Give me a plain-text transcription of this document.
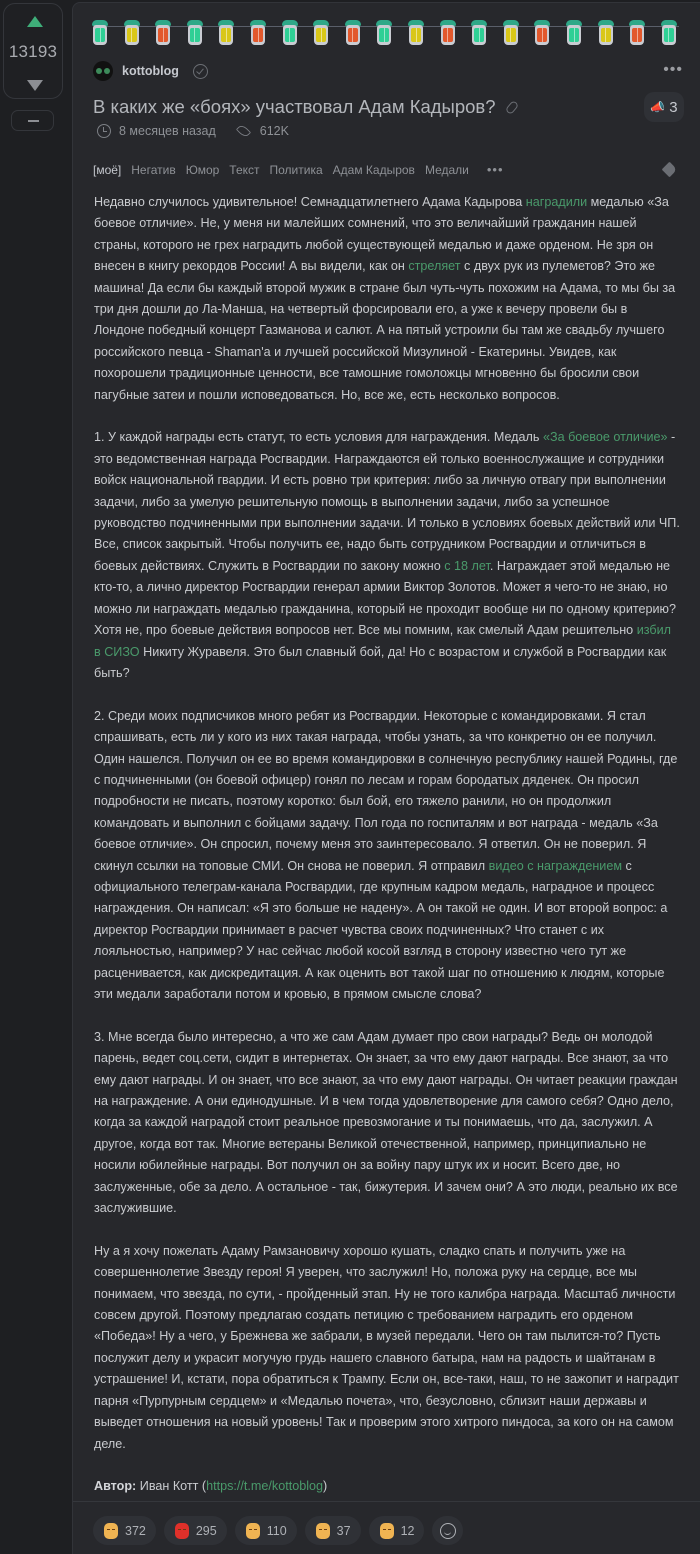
13193
kottoblog	•••
В каких же «боях» участвовал Адам Кадыров?	📣 3
8 месяцев назад	612K
[моё] Негатив Юмор Текст Политика Адам Кадыров Медали •••

Недавно случилось удивительное! Семнадцатилетнего Адама Кадырова наградили медалью «За боевое отличие». Не, у меня ни малейших сомнений, что это величайший гражданин нашей страны, которого не грех наградить любой существующей медалью и даже орденом. Не зря он внесен в книгу рекордов России! А вы видели, как он стреляет с двух рук из пулеметов? Это же машина! Да если бы каждый второй мужик в стране был чуть-чуть похожим на Адама, то мы бы за три дня дошли до Ла-Манша, на четвертый форсировали его, а уже к вечеру провели бы в Лондоне победный концерт Газманова и салют. А на пятый устроили бы там же свадьбу лучшего российского певца - Shaman'a и лучшей российской Мизулиной - Екатерины. Увидев, как похорошели традиционные ценности, все тамошние гомоложцы мгновенно бы бросили свои пагубные затеи и пошли исповедоваться. Но, все же, есть несколько вопросов.

1. У каждой награды есть статут, то есть условия для награждения. Медаль «За боевое отличие» - это ведомственная награда Росгвардии. Награждаются ей только военнослужащие и сотрудники войск национальной гвардии. И есть ровно три критерия: либо за личную отвагу при выполнении задачи, либо за умелую решительную помощь в выполнении задачи, либо за успешное руководство подчиненными при выполнении задачи. И только в условиях боевых действий или ЧП. Все, список закрытый. Чтобы получить ее, надо быть сотрудником Росгвардии и отличиться в боевых действиях. Служить в Росгвардии по закону можно с 18 лет. Награждает этой медалью не кто-то, а лично директор Росгвардии генерал армии Виктор Золотов. Может я чего-то не знаю, но можно ли награждать медалью гражданина, который не проходит вообще ни по одному критерию? Хотя не, про боевые действия вопросов нет. Все мы помним, как смелый Адам решительно избил в СИЗО Никиту Журавеля. Это был славный бой, да! Но с возрастом и службой в Росгвардии как быть?

2. Среди моих подписчиков много ребят из Росгвардии. Некоторые с командировками. Я стал спрашивать, есть ли у кого из них такая награда, чтобы узнать, за что конкретно он ее получил. Один нашелся. Получил он ее во время командировки в солнечную республику нашей Родины, где с подчиненными (он боевой офицер) гонял по лесам и горам бородатых дяденек. Он просил подробности не писать, поэтому коротко: был бой, его тяжело ранили, но он продолжил командовать и выполнил с бойцами задачу. Пол года по госпиталям и вот награда - медаль «За боевое отличие». Он спросил, почему меня это заинтересовало. Я ответил. Он не поверил. Я скинул ссылки на топовые СМИ. Он снова не поверил. Я отправил видео с награждением с официального телеграм-канала Росгвардии, где крупным кадром медаль, наградное и процесс награждения. Он написал: «Я это больше не надену». А он такой не один. И вот второй вопрос: а директор Росгвардии принимает в расчет чувства своих подчиненных? Что станет с их лояльностью, например? У нас сейчас любой косой взгляд в сторону известно чего тут же расценивается, как дискредитация. А как оценить вот такой шаг по отношению к людям, которые эти медали заработали потом и кровью, в прямом смысле слова?

3. Мне всегда было интересно, а что же сам Адам думает про свои награды? Ведь он молодой парень, ведет соц.сети, сидит в интернетах. Он знает, за что ему дают награды. Все знают, за что ему дают награды. И он знает, что все знают, за что ему дают награды. Он читает реакции граждан на награждение. А они единодушные. И в чем тогда удовлетворение для самого себя? Одно дело, когда за каждой наградой стоит реальное превозмогание и ты понимаешь, что да, заслужил. А другое, когда вот так. Многие ветераны Великой отечественной, например, принципиально не носили юбилейные награды. Вот получил он за войну пару штук их и носит. Всего две, но заслуженные, обе за дело. А остальное - так, бижутерия. И зачем они? А это люди, реально их все заслужившие.

Ну а я хочу пожелать Адаму Рамзановичу хорошо кушать, сладко спать и получить уже на совершеннолетие Звезду героя! Я уверен, что заслужил! Но, положа руку на сердце, все мы понимаем, что звезда, по сути, - пройденный этап. Ну не того калибра награда. Масштаб личности совсем другой. Поэтому предлагаю создать петицию с требованием наградить его орденом «Победа»! Ну а чего, у Брежнева же забрали, в музей передали. Чего он там пылится-то? Пусть послужит делу и украсит могучую грудь нашего славного батыра, нам на радость и шайтанам в устрашение! И, кстати, пора обратиться к Трампу. Если он, все-таки, наш, то не зажопит и наградит парня «Пурпурным сердцем» и «Медалью почета», что, безусловно, сблизит наши державы и выведет отношения на новый уровень! Так и проверим этого хитрого пиндоса, за кого он на самом деле.

Автор: Иван Котт (https://t.me/kottoblog)

372	295	110	37	12
